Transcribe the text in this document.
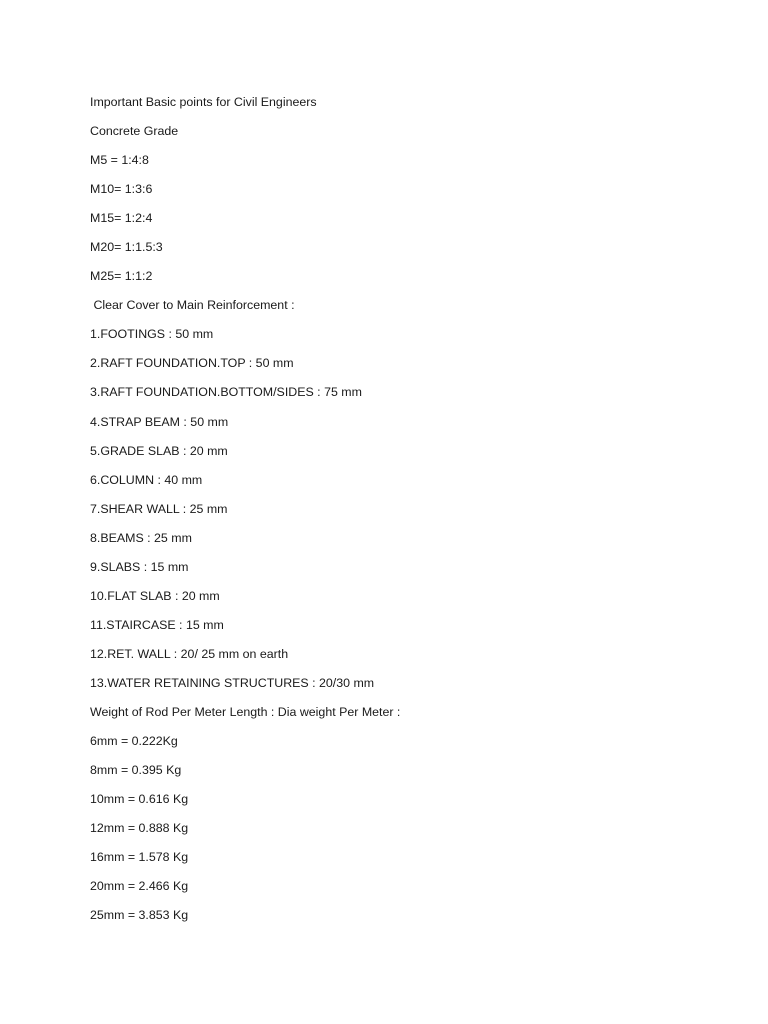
Important Basic points for Civil Engineers
Concrete Grade
M5 = 1:4:8
M10= 1:3:6
M15= 1:2:4
M20= 1:1.5:3
M25= 1:1:2
Clear Cover to Main Reinforcement :
1.FOOTINGS : 50 mm
2.RAFT FOUNDATION.TOP : 50 mm
3.RAFT FOUNDATION.BOTTOM/SIDES : 75 mm
4.STRAP BEAM : 50 mm
5.GRADE SLAB : 20 mm
6.COLUMN : 40 mm
7.SHEAR WALL : 25 mm
8.BEAMS : 25 mm
9.SLABS : 15 mm
10.FLAT SLAB : 20 mm
11.STAIRCASE : 15 mm
12.RET. WALL : 20/ 25 mm on earth
13.WATER RETAINING STRUCTURES : 20/30 mm
Weight of Rod Per Meter Length : Dia weight Per Meter :
6mm = 0.222Kg
8mm = 0.395 Kg
10mm = 0.616 Kg
12mm = 0.888 Kg
16mm = 1.578 Kg
20mm = 2.466 Kg
25mm = 3.853 Kg
